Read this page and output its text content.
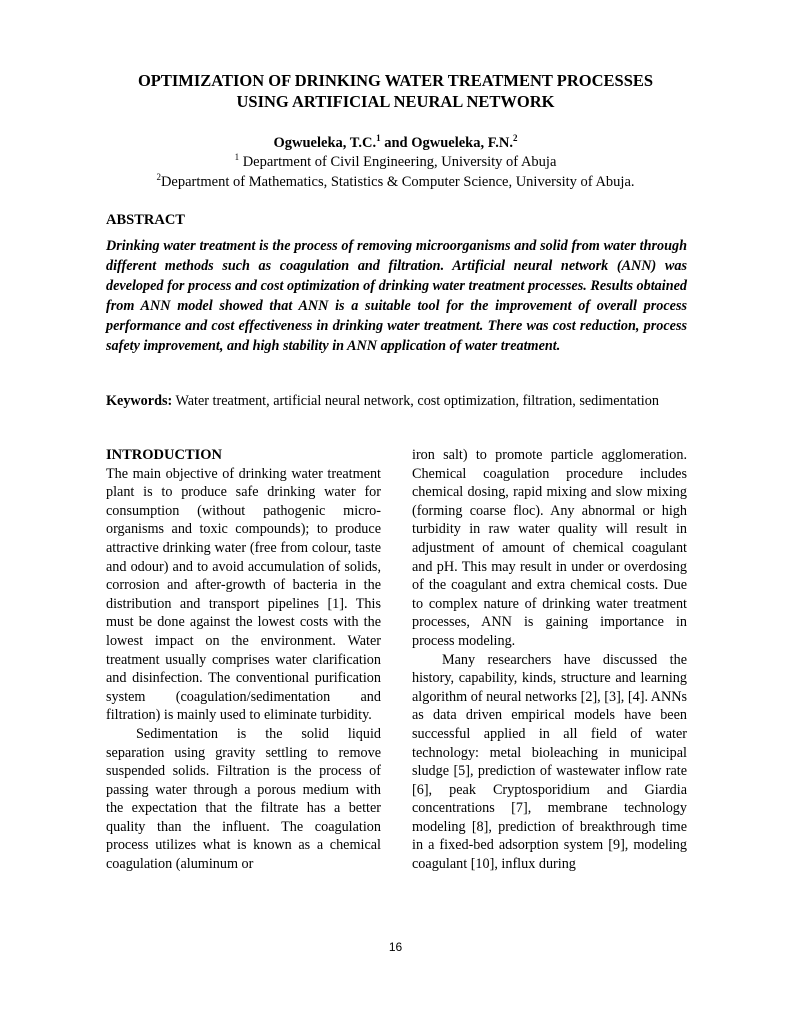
OPTIMIZATION OF DRINKING WATER TREATMENT PROCESSES
USING ARTIFICIAL NEURAL NETWORK
Ogwueleka, T.C.$^1$ and Ogwueleka, F.N.$^2$
$^1$ Department of Civil Engineering, University of Abuja
$^2$Department of Mathematics, Statistics & Computer Science, University of Abuja.
ABSTRACT
Drinking water treatment is the process of removing microorganisms and solid from water through different methods such as coagulation and filtration. Artificial neural network (ANN) was developed for process and cost optimization of drinking water treatment processes. Results obtained from ANN model showed that ANN is a suitable tool for the improvement of overall process performance and cost effectiveness in drinking water treatment. There was cost reduction, process safety improvement, and high stability in ANN application of water treatment.
Keywords: Water treatment, artificial neural network, cost optimization, filtration, sedimentation
INTRODUCTION

The main objective of drinking water treatment plant is to produce safe drinking water for consumption (without pathogenic micro-organisms and toxic compounds); to produce attractive drinking water (free from colour, taste and odour) and to avoid accumulation of solids, corrosion and after-growth of bacteria in the distribution and transport pipelines [1]. This must be done against the lowest costs with the lowest impact on the environment. Water treatment usually comprises water clarification and disinfection. The conventional purification system (coagulation/sedimentation and filtration) is mainly used to eliminate turbidity.

Sedimentation is the solid liquid separation using gravity settling to remove suspended solids. Filtration is the process of passing water through a porous medium with the expectation that the filtrate has a better quality than the influent. The coagulation process utilizes what is known as a chemical coagulation (aluminum or

iron salt) to promote particle agglomeration. Chemical coagulation procedure includes chemical dosing, rapid mixing and slow mixing (forming coarse floc). Any abnormal or high turbidity in raw water quality will result in adjustment of amount of chemical coagulant and pH. This may result in under or overdosing of the coagulant and extra chemical costs. Due to complex nature of drinking water treatment processes, ANN is gaining importance in process modeling.

Many researchers have discussed the history, capability, kinds, structure and learning algorithm of neural networks [2], [3], [4]. ANNs as data driven empirical models have been successful applied in all field of water technology: metal bioleaching in municipal sludge [5], prediction of wastewater inflow rate [6], peak Cryptosporidium and Giardia concentrations [7], membrane technology modeling [8], prediction of breakthrough time in a fixed-bed adsorption system [9], modeling coagulant [10], influx during

16
